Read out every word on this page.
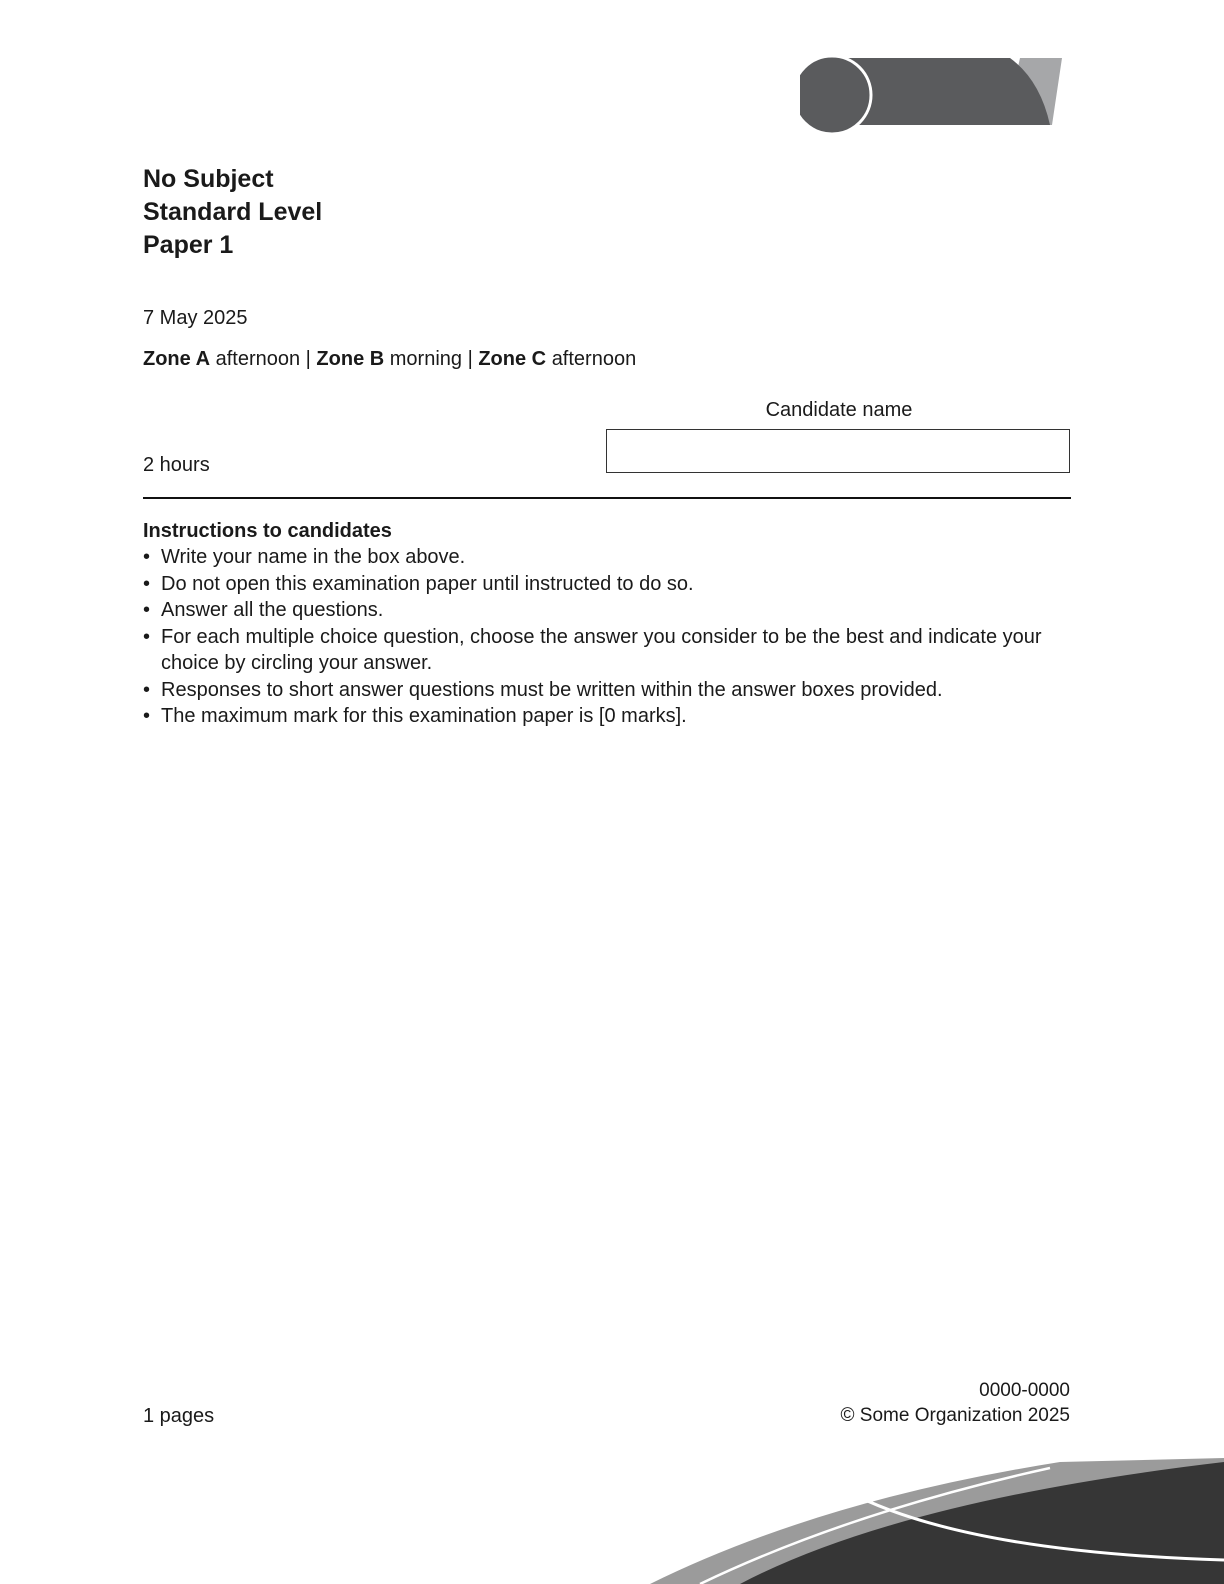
No Subject
Standard Level
Paper 1
7 May 2025
Zone A afternoon | Zone B morning | Zone C afternoon
Candidate name
2 hours
Instructions to candidates
• Write your name in the box above.
• Do not open this examination paper until instructed to do so.
• Answer all the questions.
• For each multiple choice question, choose the answer you consider to be the best and indicate your choice by circling your answer.
• Responses to short answer questions must be written within the answer boxes provided.
• The maximum mark for this examination paper is [0 marks].
1 pages
0000-0000
© Some Organization 2025
